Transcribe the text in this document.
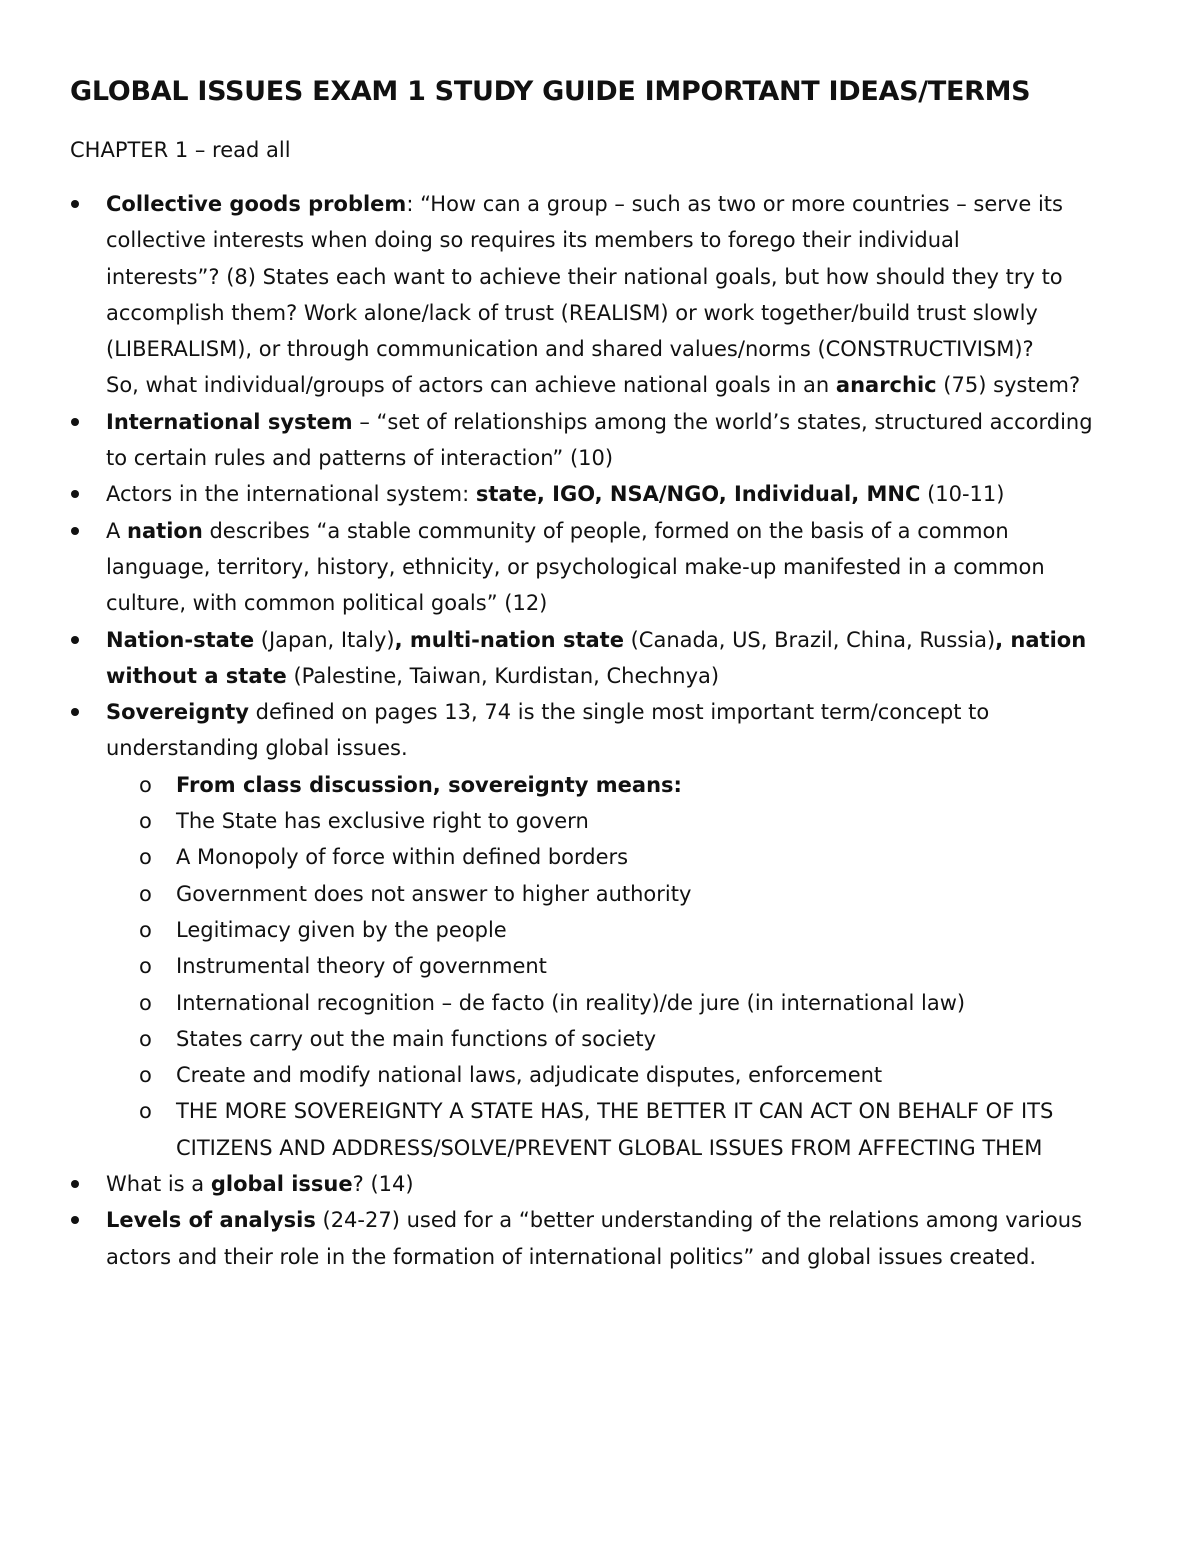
GLOBAL ISSUES EXAM 1 STUDY GUIDE IMPORTANT IDEAS/TERMS

CHAPTER 1 – read all

Collective goods problem: “How can a group – such as two or more countries – serve its
collective interests when doing so requires its members to forego their individual
interests”? (8) States each want to achieve their national goals, but how should they try to
accomplish them? Work alone/lack of trust (REALISM) or work together/build trust slowly
(LIBERALISM), or through communication and shared values/norms (CONSTRUCTIVISM)?
So, what individual/groups of actors can achieve national goals in an anarchic (75) system?
International system – “set of relationships among the world’s states, structured according
to certain rules and patterns of interaction” (10)
Actors in the international system: state, IGO, NSA/NGO, Individual, MNC (10-11)
A nation describes “a stable community of people, formed on the basis of a common
language, territory, history, ethnicity, or psychological make-up manifested in a common
culture, with common political goals” (12)
Nation-state (Japan, Italy), multi-nation state (Canada, US, Brazil, China, Russia), nation
without a state (Palestine, Taiwan, Kurdistan, Chechnya)
Sovereignty defined on pages 13, 74 is the single most important term/concept to
understanding global issues.
o From class discussion, sovereignty means:
o The State has exclusive right to govern
o A Monopoly of force within defined borders
o Government does not answer to higher authority
o Legitimacy given by the people
o Instrumental theory of government
o International recognition – de facto (in reality)/de jure (in international law)
o States carry out the main functions of society
o Create and modify national laws, adjudicate disputes, enforcement
o THE MORE SOVEREIGNTY A STATE HAS, THE BETTER IT CAN ACT ON BEHALF OF ITS
CITIZENS AND ADDRESS/SOLVE/PREVENT GLOBAL ISSUES FROM AFFECTING THEM
What is a global issue? (14)
Levels of analysis (24-27) used for a “better understanding of the relations among various
actors and their role in the formation of international politics” and global issues created.
